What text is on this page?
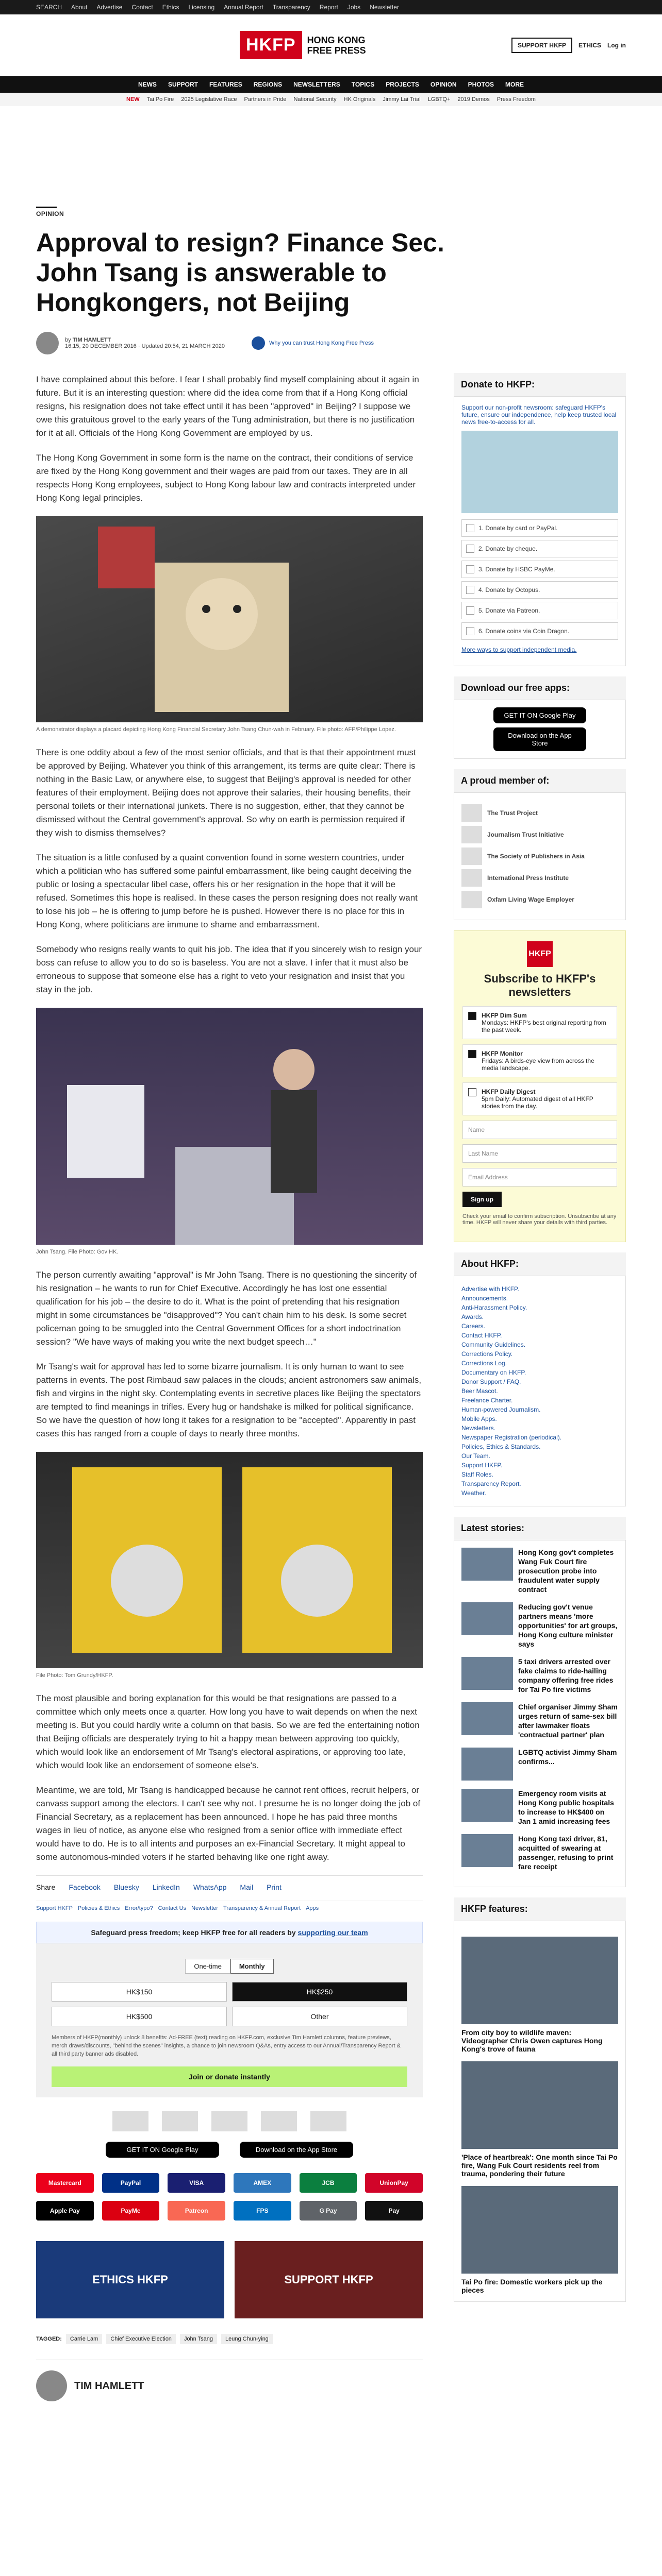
SEARCH About Advertise Contact Ethics Licensing Annual Report Transparency Report Jobs Newsletter
HKFP	HONG KONG FREE PRESS	SUPPORT HKFP	ETHICS Log in
NEWS SUPPORT FEATURES REGIONS NEWSLETTERS TOPICS PROJECTS OPINION PHOTOS MORE
NEW Tai Po Fire 2025 Legislative Race Partners in Pride National Security HK Originals Jimmy Lai Trial LGBTQ+ 2019 Demos Press Freedom
OPINION
Approval to resign? Finance Sec. John Tsang is answerable to Hongkongers, not Beijing
by TIM HAMLETT
16:15, 20 DECEMBER 2016 · Updated 20:54, 21 MARCH 2020	Why you can trust Hong Kong Free Press

I have complained about this before. I fear I shall probably find myself complaining about it again in future. But it is an interesting question: where did the idea come from that if a Hong Kong official resigns, his resignation does not take effect until it has been "approved" in Beijing? I suppose we owe this gratuitous grovel to the early years of the Tung administration, but there is no justification for it at all. Officials of the Hong Kong Government are employed by us.

The Hong Kong Government in some form is the name on the contract, their conditions of service are fixed by the Hong Kong government and their wages are paid from our taxes. They are in all respects Hong Kong employees, subject to Hong Kong labour law and contracts interpreted under Hong Kong legal principles.

A demonstrator displays a placard depicting Hong Kong Financial Secretary John Tsang Chun-wah in February. File photo: AFP/Philippe Lopez.

There is one oddity about a few of the most senior officials, and that is that their appointment must be approved by Beijing. Whatever you think of this arrangement, its terms are quite clear: There is nothing in the Basic Law, or anywhere else, to suggest that Beijing's approval is needed for other features of their employment. Beijing does not approve their salaries, their housing benefits, their personal toilets or their international junkets. There is no suggestion, either, that they cannot be dismissed without the Central government's approval. So why on earth is permission required if they wish to dismiss themselves?

The situation is a little confused by a quaint convention found in some western countries, under which a politician who has suffered some painful embarrassment, like being caught deceiving the public or losing a spectacular libel case, offers his or her resignation in the hope that it will be refused. Sometimes this hope is realised. In these cases the person resigning does not really want to lose his job – he is offering to jump before he is pushed. However there is no place for this in Hong Kong, where politicians are immune to shame and embarrassment.

Somebody who resigns really wants to quit his job. The idea that if you sincerely wish to resign your boss can refuse to allow you to do so is baseless. You are not a slave. I infer that it must also be erroneous to suppose that someone else has a right to veto your resignation and insist that you stay in the job.

John Tsang. File Photo: Gov HK.

The person currently awaiting "approval" is Mr John Tsang. There is no questioning the sincerity of his resignation – he wants to run for Chief Executive. Accordingly he has lost one essential qualification for his job – the desire to do it. What is the point of pretending that his resignation might in some circumstances be "disapproved"? You can't chain him to his desk. Is some secret policeman going to be smuggled into the Central Government Offices for a short indoctrination session? "We have ways of making you write the next budget speech…"

Mr Tsang's wait for approval has led to some bizarre journalism. It is only human to want to see patterns in events. The post Rimbaud saw palaces in the clouds; ancient astronomers saw animals, fish and virgins in the night sky. Contemplating events in secretive places like Beijing the spectators are tempted to find meanings in trifles. Every hug or handshake is milked for political significance. So we have the question of how long it takes for a resignation to be "accepted". Apparently in past cases this has ranged from a couple of days to nearly three months.

File Photo: Tom Grundy/HKFP.

The most plausible and boring explanation for this would be that resignations are passed to a committee which only meets once a quarter. How long you have to wait depends on when the next meeting is. But you could hardly write a column on that basis. So we are fed the entertaining notion that Beijing officials are desperately trying to hit a happy mean between approving too quickly, which would look like an endorsement of Mr Tsang's electoral aspirations, or approving too late, which would look like an endorsement of someone else's.

Meantime, we are told, Mr Tsang is handicapped because he cannot rent offices, recruit helpers, or canvass support among the electors. I can't see why not. I presume he is no longer doing the job of Financial Secretary, as a replacement has been announced. I hope he has paid three months wages in lieu of notice, as anyone else who resigned from a senior office with immediate effect would have to do. He is to all intents and purposes an ex-Financial Secretary. It might appeal to some autonomous-minded voters if he started behaving like one right away.

Share Facebook Bluesky LinkedIn WhatsApp Mail Print
Support HKFP Policies & Ethics Error/typo? Contact Us Newsletter Transparency & Annual Report Apps
Safeguard press freedom; keep HKFP free for all readers by supporting our team
One-time	Monthly
HK$150	HK$250
HK$500	Other
Members of HKFP(monthly) unlock 8 benefits: Ad-FREE (text) reading on HKFP.com, exclusive Tim Hamlett columns, feature previews, merch draws/discounts, "behind the scenes" insights, a chance to join newsroom Q&As, entry access to our Annual/Transparency Report & all third party banner ads disabled.
Join or donate instantly
GET IT ON Google Play	Download on the App Store
Mastercard	PayPal	VISA	AMEX	JCB	UnionPay
Apple Pay	PayMe	Patreon	FPS	G Pay	Pay
ETHICS HKFP	SUPPORT HKFP
TAGGED:	Carrie Lam	Chief Executive Election	John Tsang	Leung Chun-ying
TIM HAMLETT
Donate to HKFP:

Support our non-profit newsroom: safeguard HKFP's future, ensure our independence, help keep trusted local news free-to-access for all.

1. Donate by card or PayPal.
2. Donate by cheque.
3. Donate by HSBC PayMe.
4. Donate by Octopus.
5. Donate via Patreon.
6. Donate coins via Coin Dragon.

More ways to support independent media.

Download our free apps:
GET IT ON Google Play
Download on the App Store
A proud member of:
The Trust Project
Journalism Trust Initiative
The Society of Publishers in Asia
International Press Institute
Oxfam Living Wage Employer
HKFP
Subscribe to HKFP's newsletters
HKFP Dim Sum
Mondays: HKFP's best original reporting from the past week.
HKFP Monitor
Fridays: A birds-eye view from across the media landscape.
HKFP Daily Digest
5pm Daily: Automated digest of all HKFP stories from the day.
Name
Last Name
Email Address
Sign up

Check your email to confirm subscription. Unsubscribe at any time. HKFP will never share your details with third parties.

About HKFP:
Advertise with HKFP.
Announcements.
Anti-Harassment Policy.
Awards.
Careers.
Contact HKFP.
Community Guidelines.
Corrections Policy.
Corrections Log.
Documentary on HKFP.
Donor Support / FAQ.
Beer Mascot.
Freelance Charter.
Human-powered Journalism.
Mobile Apps.
Newsletters.
Newspaper Registration (periodical).
Policies, Ethics & Standards.
Our Team.
Support HKFP.
Staff Roles.
Transparency Report.
Weather.
Latest stories:
Hong Kong gov't completes Wang Fuk Court fire prosecution probe into fraudulent water supply contract
Reducing gov't venue partners means 'more opportunities' for art groups, Hong Kong culture minister says
5 taxi drivers arrested over fake claims to ride-hailing company offering free rides for Tai Po fire victims
Chief organiser Jimmy Sham urges return of same-sex bill after lawmaker floats 'contractual partner' plan
LGBTQ activist Jimmy Sham confirms...
Emergency room visits at Hong Kong public hospitals to increase to HK$400 on Jan 1 amid increasing fees
Hong Kong taxi driver, 81, acquitted of swearing at passenger, refusing to print fare receipt
HKFP features:
From city boy to wildlife maven: Videographer Chris Owen captures Hong Kong's trove of fauna
'Place of heartbreak': One month since Tai Po fire, Wang Fuk Court residents reel from trauma, pondering their future
Tai Po fire: Domestic workers pick up the pieces
